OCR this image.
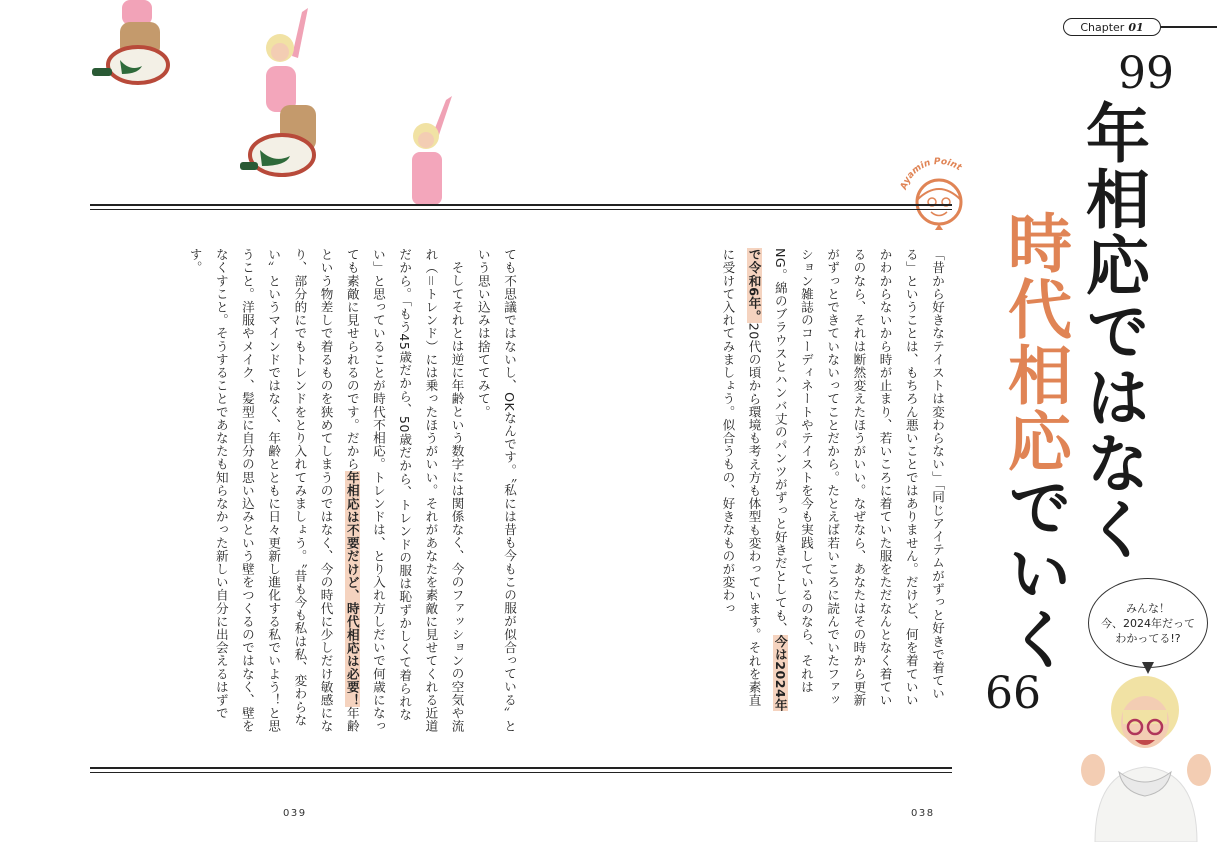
Chapter 01
Ayamin Point

「昔から好きなテイストは変わらない」「同じアイテムがずっと好きで着ている」ということは、もちろん悪いことではありません。だけど、何を着ていいかわからないから時が止まり、若いころに着ていた服をただなんとなく着ているのなら、それは断然変えたほうがいい。なぜなら、あなたはその時から更新がずっとできていないってことだから。たとえば若いころに読んでいたファッション雑誌のコーディネートやテイストを今も実践しているのなら、それはNG。綿のブラウスとハンバ丈のパンツがずっと好きだとしても、今は2024年で令和6年。20代の頃から環境も考え方も体型も変わっています。それを素直に受けて入れてみましょう。似合うもの、好きなものが変わっ

ても不思議ではないし、OKなんです。〝私には昔も今もこの服が似合っている〟という思い込みは捨ててみて。

そしてそれとは逆に年齢という数字には関係なく、今のファッションの空気や流れ（＝トレンド）には乗ったほうがいい。それがあなたを素敵に見せてくれる近道だから。「もう45歳だから、50歳だから、トレンドの服は恥ずかしくて着られない」と思っていることが時代不相応。トレンドは、とり入れ方しだいで何歳になっても素敵に見せられるのです。だから年相応は不要だけど、時代相応は必要！年齢という物差しで着るものを狭めてしまうのではなく、今の時代に少しだけ敏感になり、部分的にでもトレンドをとり入れてみましょう。〝昔も今も私は私、変わらない〟というマインドではなく、年齢とともに日々更新し進化する私でいよう！と思うこと。洋服やメイク、髪型に自分の思い込みという壁をつくるのではなく、壁をなくすこと。そうすることであなたも知らなかった新しい自分に出会えるはずです。

99
年相応ではなく
時代相応でいく
66
みんな！
今、2024年だって
わかってる!?
039	038
